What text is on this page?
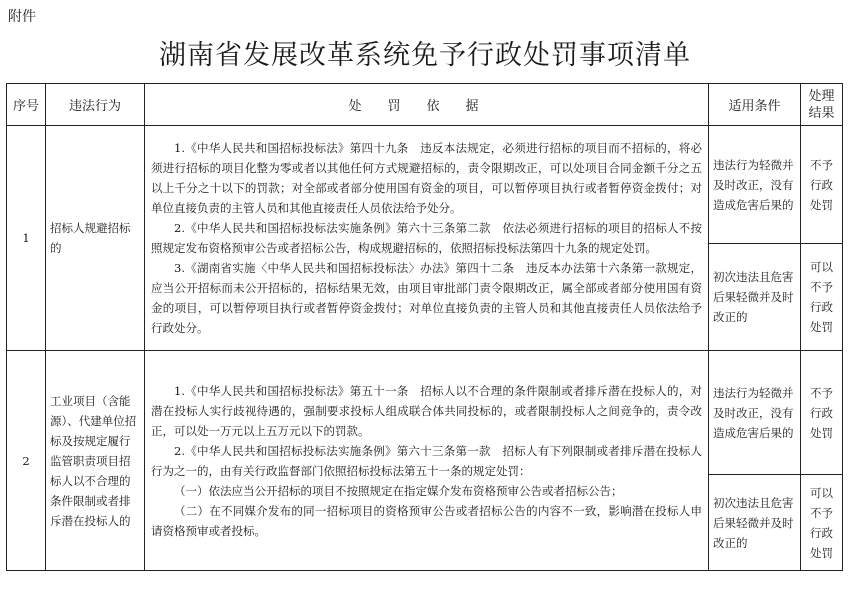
附件
湖南省发展改革系统免予行政处罚事项清单
序号	违法行为	处罚依据	适用条件	处理结果

1	招标人规避招标的	1.《中华人民共和国招标投标法》第四十九条　违反本法规定，必须进行招标的项目而不招标的，将必须进行招标的项目化整为零或者以其他任何方式规避招标的，责令限期改正，可以处项目合同金额千分之五以上千分之十以下的罚款；对全部或者部分使用国有资金的项目，可以暂停项目执行或者暂停资金拨付；对单位直接负责的主管人员和其他直接责任人员依法给予处分。

2.《中华人民共和国招标投标法实施条例》第六十三条第二款　依法必须进行招标的项目的招标人不按照规定发布资格预审公告或者招标公告，构成规避招标的，依照招标投标法第四十九条的规定处罚。

3.《湖南省实施〈中华人民共和国招标投标法〉办法》第四十二条　违反本办法第十六条第一款规定，应当公开招标而未公开招标的，招标结果无效，由项目审批部门责令限期改正，属全部或者部分使用国有资金的项目，可以暂停项目执行或者暂停资金拨付；对单位直接负责的主管人员和其他直接责任人员依法给予行政处分。	违法行为轻微并及时改正，没有造成危害后果的	不予行政处罚

			初次违法且危害后果轻微并及时改正的	可以不予行政处罚

2	工业项目（含能源）、代建单位招标及按规定履行监管职责项目招标人以不合理的条件限制或者排斥潜在投标人的	1.《中华人民共和国招标投标法》第五十一条　招标人以不合理的条件限制或者排斥潜在投标人的，对潜在投标人实行歧视待遇的，强制要求投标人组成联合体共同投标的，或者限制投标人之间竞争的，责令改正，可以处一万元以上五万元以下的罚款。

2.《中华人民共和国招标投标法实施条例》第六十三条第一款　招标人有下列限制或者排斥潜在投标人行为之一的，由有关行政监督部门依照招标投标法第五十一条的规定处罚：

（一）依法应当公开招标的项目不按照规定在指定媒介发布资格预审公告或者招标公告；

（二）在不同媒介发布的同一招标项目的资格预审公告或者招标公告的内容不一致，影响潜在投标人申请资格预审或者投标。	违法行为轻微并及时改正，没有造成危害后果的	不予行政处罚

			初次违法且危害后果轻微并及时改正的	可以不予行政处罚
